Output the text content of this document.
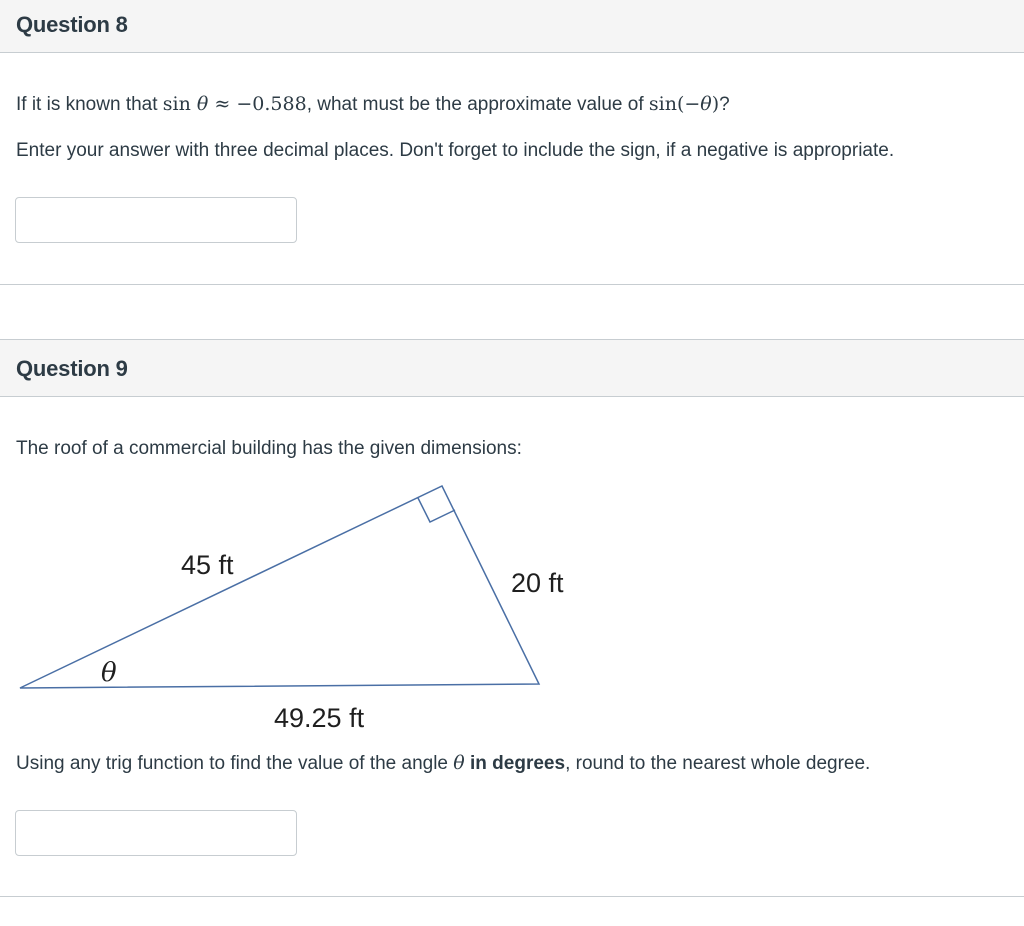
Question 8
If it is known that sin θ ≈ −0.588, what must be the approximate value of sin(−θ)?
Enter your answer with three decimal places. Don't forget to include the sign, if a negative is appropriate.
Question 9
The roof of a commercial building has the given dimensions:
45 ft
20 ft
49.25 ft
θ
Using any trig function to find the value of the angle θ in degrees, round to the nearest whole degree.
